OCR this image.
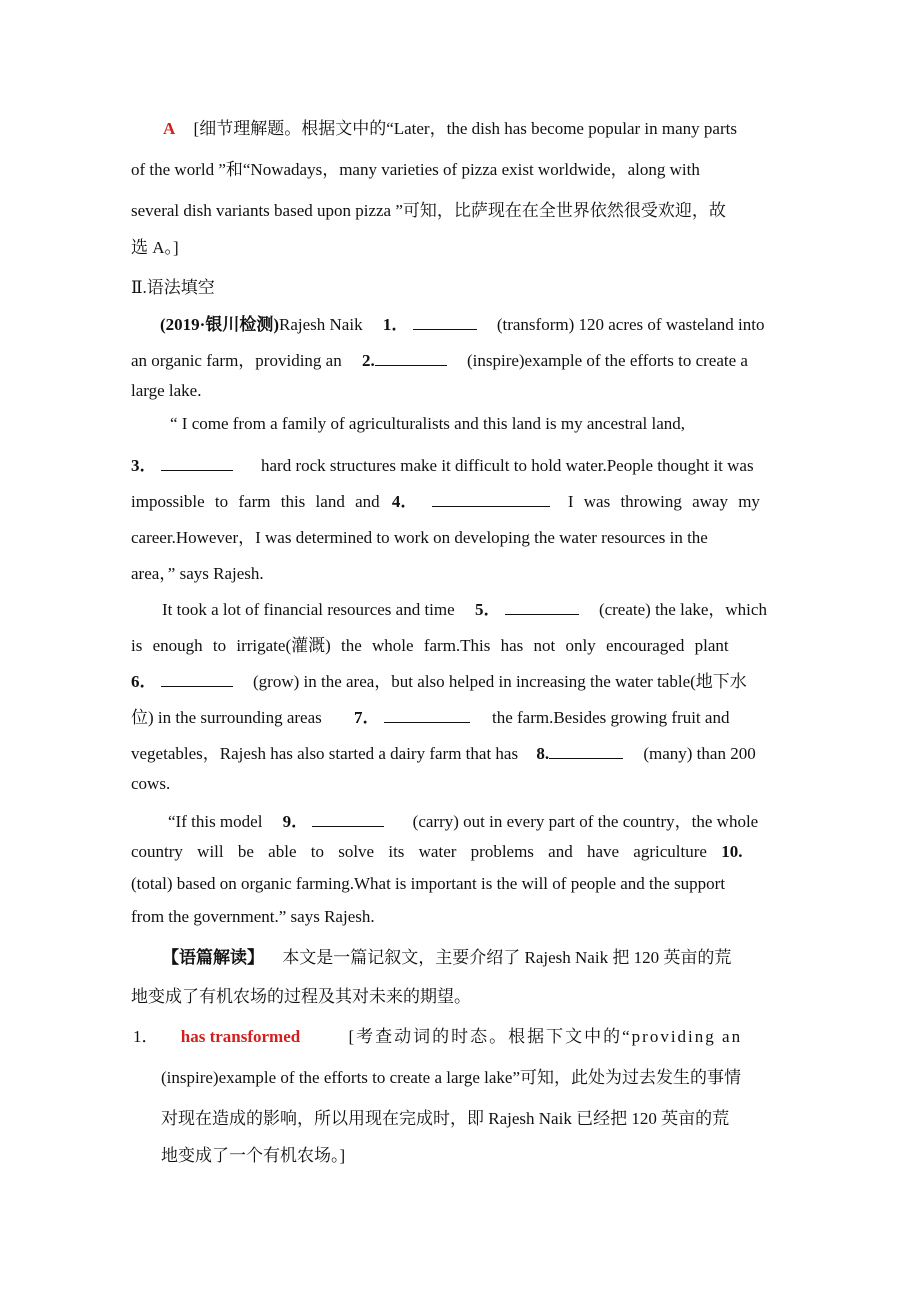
A [细节理解题。根据文中的“Later，the dish has become popular in many parts
of the world ”和“Nowadays，many varieties of pizza exist worldwide，along with
several dish variants based upon pizza ”可知，比萨现在在全世界依然很受欢迎，故
选 A。]
Ⅱ.语法填空
(2019·银川检测)Rajesh Naik 1．	(transform) 120 acres of wasteland into
an organic farm，providing an 2.	(inspire)example of the efforts to create a
large lake.
“ I come from a family of agriculturalists and this land is my ancestral land,
3．	hard rock structures make it difficult to hold water.People thought it was
impossible to farm this land and 4．	I was throwing away my
career.However，I was determined to work on developing the water resources in the
area，” says Rajesh.
It took a lot of financial resources and time 5．	(create) the lake，which
is enough to irrigate(灌溉) the whole farm.This has not only encouraged plant
6．	(grow) in the area，but also helped in increasing the water table(地下水
位) in the surrounding areas 7．	the farm.Besides growing fruit and
vegetables，Rajesh has also started a dairy farm that has 8.	(many) than 200
cows.
“If this model 9．	(carry) out in every part of the country，the whole
country will be able to solve its water problems and have agriculture 10.
(total) based on organic farming.What is important is the will of people and the support
from the government.” says Rajesh.
【语篇解读】 本文是一篇记叙文，主要介绍了 Rajesh Naik 把 120 英亩的荒
地变成了有机农场的过程及其对未来的期望。
1． has transformed	[考查动词的时态。根据下文中的“providing an
(inspire)example of the efforts to create a large lake”可知，此处为过去发生的事情
对现在造成的影响，所以用现在完成时，即 Rajesh Naik 已经把 120 英亩的荒
地变成了一个有机农场。]
